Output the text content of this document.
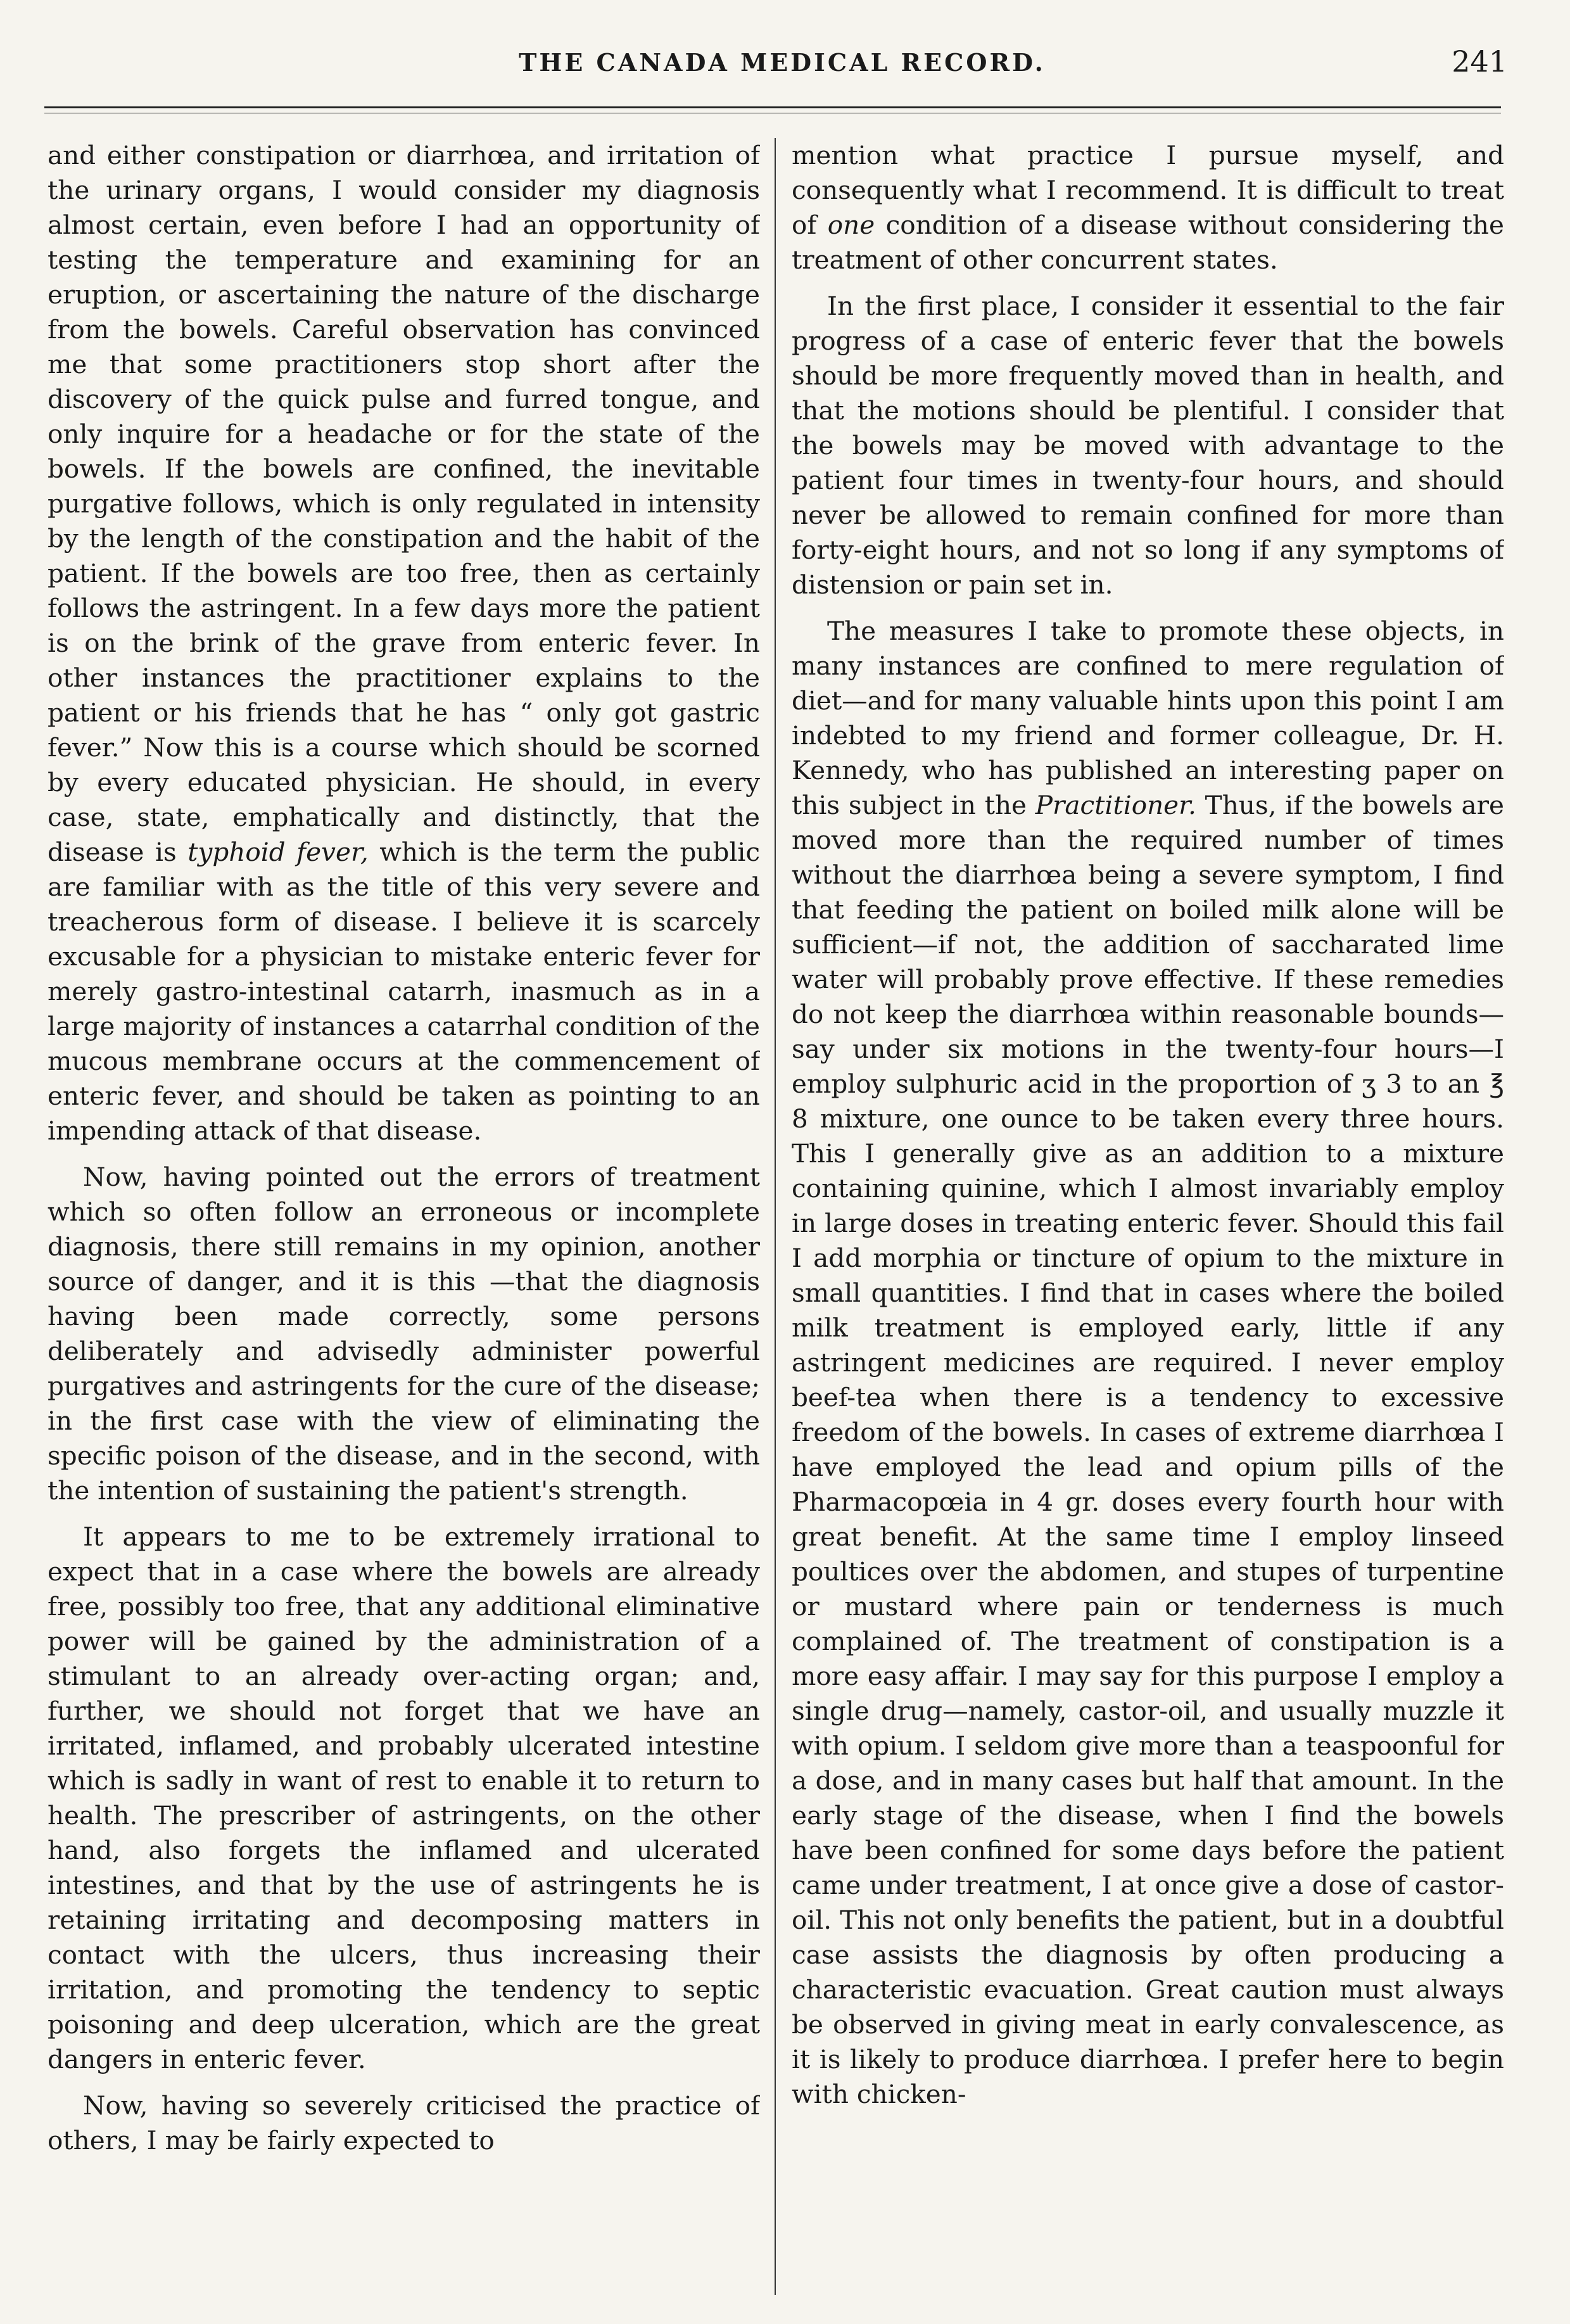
THE CANADA MEDICAL RECORD.	241

and either constipation or diarrhœa, and irritation of the urinary organs, I would consider my diagnosis almost certain, even before I had an opportunity of testing the temperature and examining for an eruption, or ascertaining the nature of the discharge from the bowels. Careful observation has convinced me that some practitioners stop short after the discovery of the quick pulse and furred tongue, and only inquire for a headache or for the state of the bowels. If the bowels are confined, the inevitable purgative follows, which is only regulated in intensity by the length of the constipation and the habit of the patient. If the bowels are too free, then as certainly follows the astringent. In a few days more the patient is on the brink of the grave from enteric fever. In other instances the practitioner explains to the patient or his friends that he has “ only got gastric fever.” Now this is a course which should be scorned by every educated physician. He should, in every case, state, emphatically and distinctly, that the disease is typhoid fever, which is the term the public are familiar with as the title of this very severe and treacherous form of disease. I believe it is scarcely excusable for a physician to mistake enteric fever for merely gastro-intestinal catarrh, inasmuch as in a large majority of instances a catarrhal condition of the mucous membrane occurs at the commencement of enteric fever, and should be taken as pointing to an impending attack of that disease.

Now, having pointed out the errors of treatment which so often follow an erroneous or incomplete diagnosis, there still remains in my opinion, another source of danger, and it is this —that the diagnosis having been made correctly, some persons deliberately and advisedly administer powerful purgatives and astringents for the cure of the disease; in the first case with the view of eliminating the specific poison of the disease, and in the second, with the intention of sustaining the patient's strength.

It appears to me to be extremely irrational to expect that in a case where the bowels are already free, possibly too free, that any additional eliminative power will be gained by the administration of a stimulant to an already over-acting organ; and, further, we should not forget that we have an irritated, inflamed, and probably ulcerated intestine which is sadly in want of rest to enable it to return to health. The prescriber of astringents, on the other hand, also forgets the inflamed and ulcerated intestines, and that by the use of astringents he is retaining irritating and decomposing matters in contact with the ulcers, thus increasing their irritation, and promoting the tendency to septic poisoning and deep ulceration, which are the great dangers in enteric fever.

Now, having so severely criticised the practice of others, I may be fairly expected to

mention what practice I pursue myself, and consequently what I recommend. It is difficult to treat of one condition of a disease without considering the treatment of other concurrent states.

In the first place, I consider it essential to the fair progress of a case of enteric fever that the bowels should be more frequently moved than in health, and that the motions should be plentiful. I consider that the bowels may be moved with advantage to the patient four times in twenty-four hours, and should never be allowed to remain confined for more than forty-eight hours, and not so long if any symptoms of distension or pain set in.

The measures I take to promote these objects, in many instances are confined to mere regulation of diet—and for many valuable hints upon this point I am indebted to my friend and former colleague, Dr. H. Kennedy, who has published an interesting paper on this subject in the Practitioner. Thus, if the bowels are moved more than the required number of times without the diarrhœa being a severe symptom, I find that feeding the patient on boiled milk alone will be sufficient—if not, the addition of saccharated lime water will probably prove effective. If these remedies do not keep the diarrhœa within reasonable bounds—say under six motions in the twenty-four hours—I employ sulphuric acid in the proportion of ʒ 3 to an ℥ 8 mixture, one ounce to be taken every three hours. This I generally give as an addition to a mixture containing quinine, which I almost invariably employ in large doses in treating enteric fever. Should this fail I add morphia or tincture of opium to the mixture in small quantities. I find that in cases where the boiled milk treatment is employed early, little if any astringent medicines are required. I never employ beef-tea when there is a tendency to excessive freedom of the bowels. In cases of extreme diarrhœa I have employed the lead and opium pills of the Pharmacopœia in 4 gr. doses every fourth hour with great benefit. At the same time I employ linseed poultices over the abdomen, and stupes of turpentine or mustard where pain or tenderness is much complained of. The treatment of constipation is a more easy affair. I may say for this purpose I employ a single drug—namely, castor-oil, and usually muzzle it with opium. I seldom give more than a teaspoonful for a dose, and in many cases but half that amount. In the early stage of the disease, when I find the bowels have been confined for some days before the patient came under treatment, I at once give a dose of castor-oil. This not only benefits the patient, but in a doubtful case assists the diagnosis by often producing a characteristic evacuation. Great caution must always be observed in giving meat in early convalescence, as it is likely to produce diarrhœa. I prefer here to begin with chicken-
